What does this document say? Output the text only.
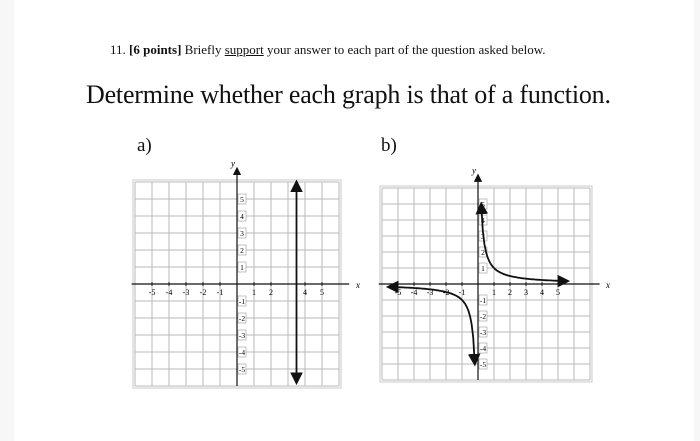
11. [6 points] Briefly support your answer to each part of the question asked below.
Determine whether each graph is that of a function.
a)	b)
x
y
-5 -4 -3 -2 -1	1 2	4 5
5
4
3
2
1
-1
-2
-3
-4
-5
x
y
-5 -4 -3 -2 -1	1 2 3 4 5
5
4
3
2
1
-1
-2
-3
-4
-5
